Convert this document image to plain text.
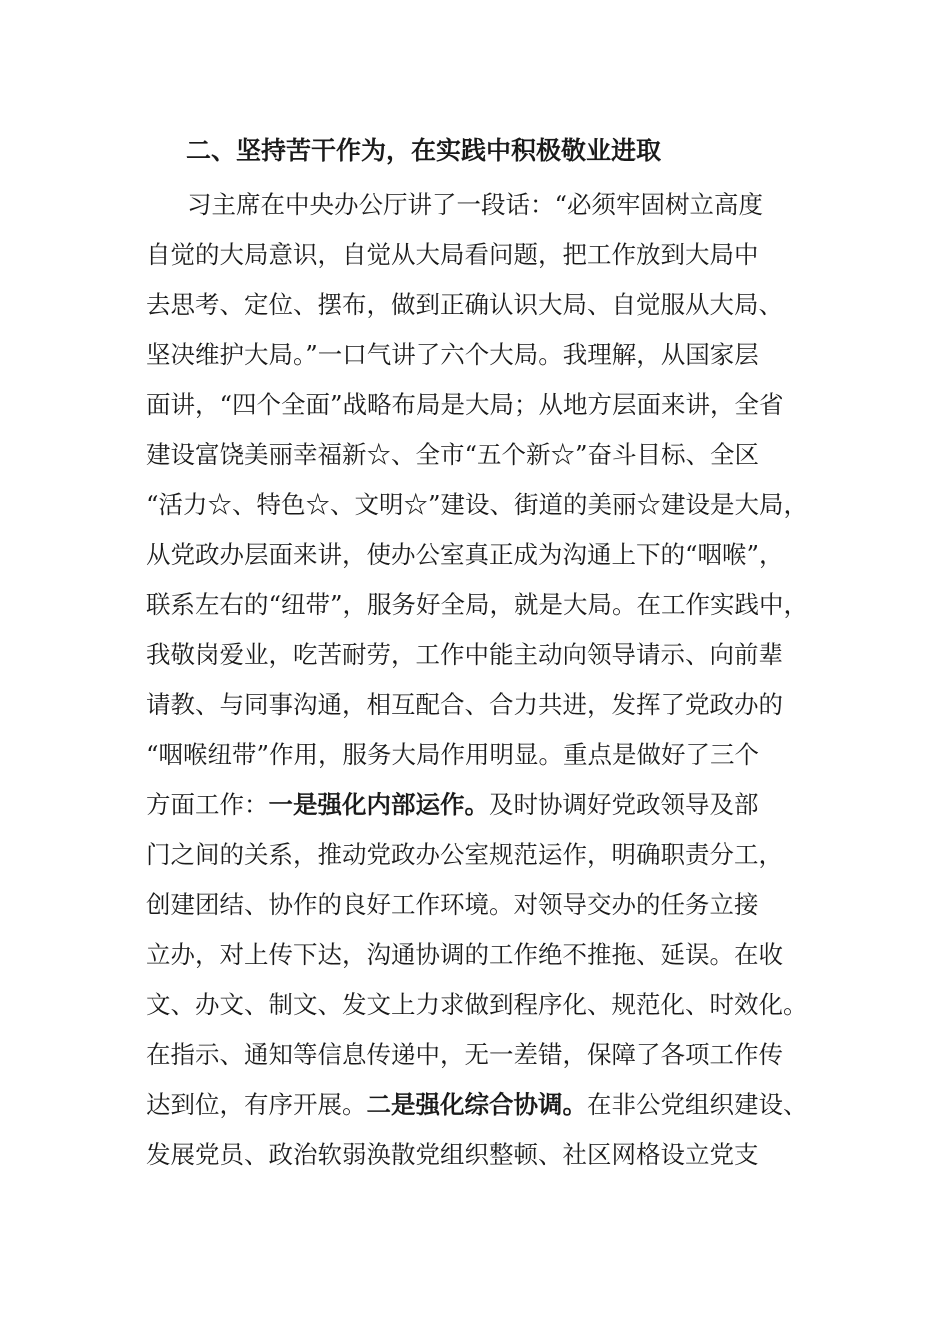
二、坚持苦干作为，在实践中积极敬业进取
习主席在中央办公厅讲了一段话：“必须牢固树立高度
自觉的大局意识，自觉从大局看问题，把工作放到大局中
去思考、定位、摆布，做到正确认识大局、自觉服从大局、
坚决维护大局。”一口气讲了六个大局。我理解，从国家层
面讲，“四个全面”战略布局是大局；从地方层面来讲，全省
建设富饶美丽幸福新☆、全市“五个新☆”奋斗目标、全区
“活力☆、特色☆、文明☆”建设、街道的美丽☆建设是大局，
从党政办层面来讲，使办公室真正成为沟通上下的“咽喉”，
联系左右的“纽带”，服务好全局，就是大局。在工作实践中，
我敬岗爱业，吃苦耐劳，工作中能主动向领导请示、向前辈
请教、与同事沟通，相互配合、合力共进，发挥了党政办的
“咽喉纽带”作用，服务大局作用明显。重点是做好了三个
方面工作：一是强化内部运作。及时协调好党政领导及部
门之间的关系，推动党政办公室规范运作，明确职责分工，
创建团结、协作的良好工作环境。对领导交办的任务立接
立办，对上传下达，沟通协调的工作绝不推拖、延误。在收
文、办文、制文、发文上力求做到程序化、规范化、时效化。
在指示、通知等信息传递中，无一差错，保障了各项工作传
达到位，有序开展。二是强化综合协调。在非公党组织建设、
发展党员、政治软弱涣散党组织整顿、社区网格设立党支
